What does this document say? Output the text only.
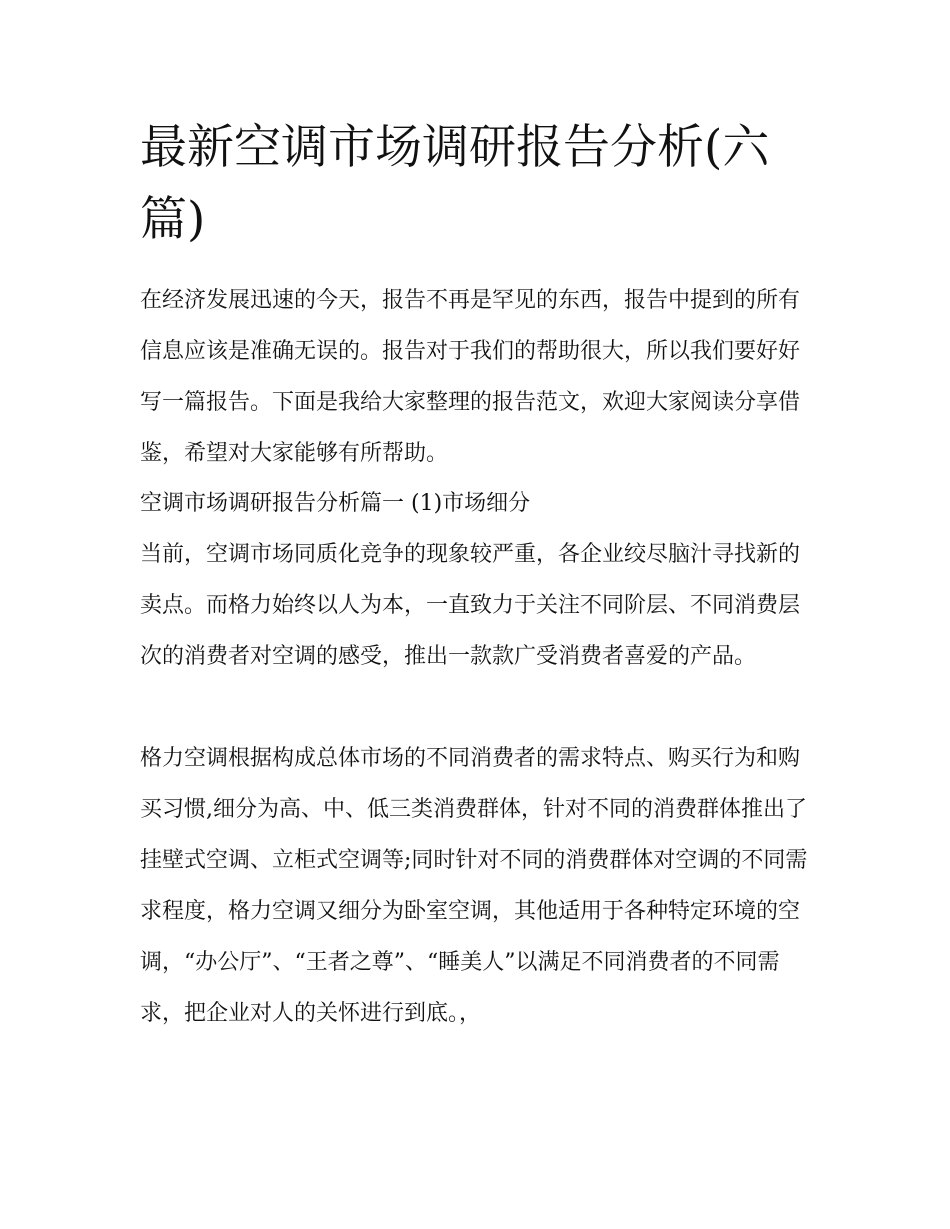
最新空调市场调研报告分析(六篇)

在经济发展迅速的今天，报告不再是罕见的东西，报告中提到的所有信息应该是准确无误的。报告对于我们的帮助很大，所以我们要好好写一篇报告。下面是我给大家整理的报告范文，欢迎大家阅读分享借鉴，希望对大家能够有所帮助。

空调市场调研报告分析篇一 (1)市场细分

当前，空调市场同质化竞争的现象较严重，各企业绞尽脑汁寻找新的卖点。而格力始终以人为本，一直致力于关注不同阶层、不同消费层次的消费者对空调的感受，推出一款款广受消费者喜爱的产品。

格力空调根据构成总体市场的不同消费者的需求特点、购买行为和购买习惯,细分为高、中、低三类消费群体，针对不同的消费群体推出了挂壁式空调、立柜式空调等;同时针对不同的消费群体对空调的不同需求程度，格力空调又细分为卧室空调，其他适用于各种特定环境的空调，“办公厅”、“王者之尊”、“睡美人”以满足不同消费者的不同需求，把企业对人的关怀进行到底。，
